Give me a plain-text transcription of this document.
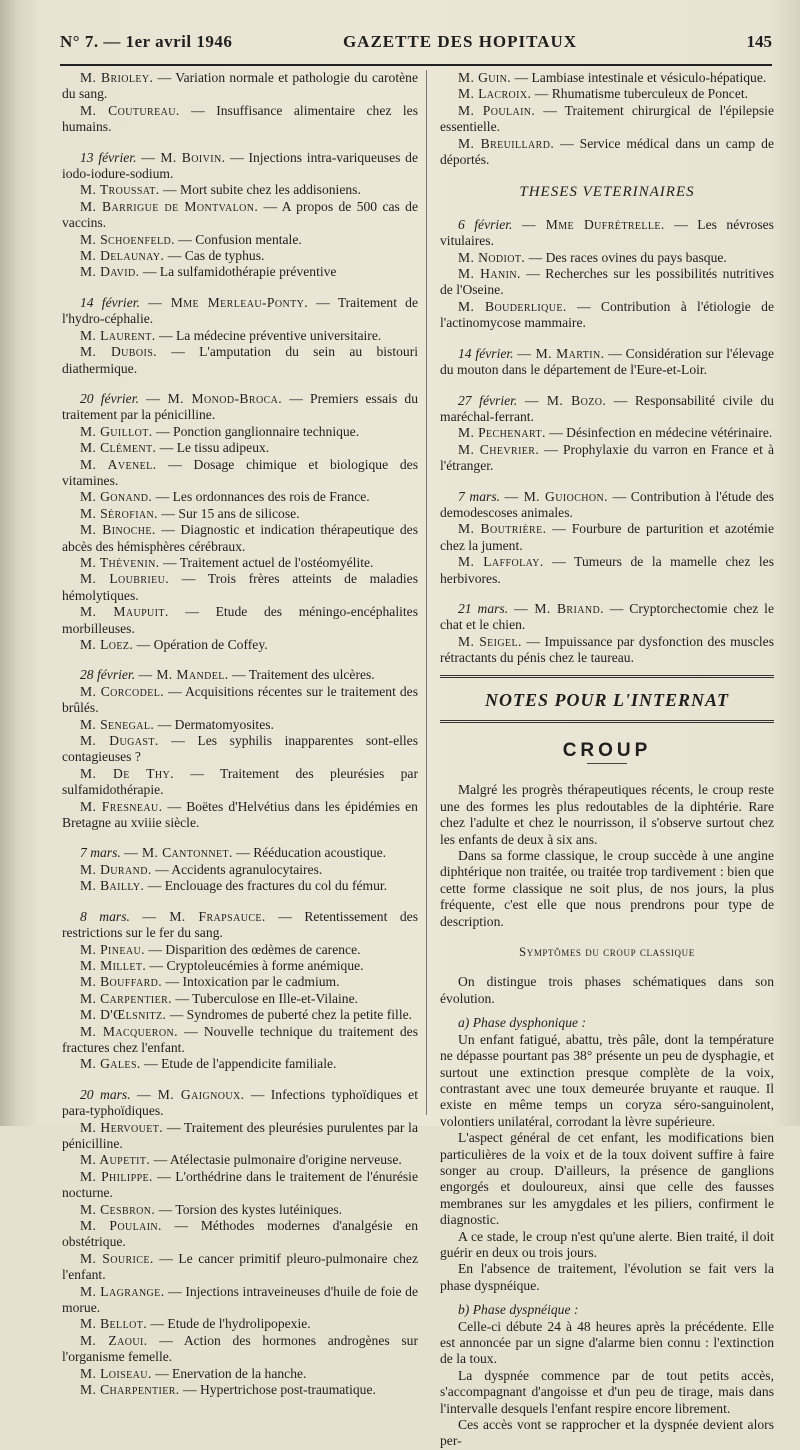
N° 7. — 1er avril 1946	GAZETTE DES HOPITAUX	145

M. Brioley. — Variation normale et pathologie du carotène du sang.

M. Coutureau. — Insuffisance alimentaire chez les humains.

13 février. — M. Boivin. — Injections intra-variqueuses de iodo-iodure-sodium.

M. Troussat. — Mort subite chez les addisoniens.

M. Barrigue de Montvalon. — A propos de 500 cas de vaccins.

M. Schoenfeld. — Confusion mentale.

M. Delaunay. — Cas de typhus.

M. David. — La sulfamidothérapie préventive

14 février. — Mme Merleau-Ponty. — Traitement de l'hydro-céphalie.

M. Laurent. — La médecine préventive universitaire.

M. Dubois. — L'amputation du sein au bistouri diathermique.

20 février. — M. Monod-Broca. — Premiers essais du traitement par la pénicilline.

M. Guillot. — Ponction ganglionnaire technique.

M. Clément. — Le tissu adipeux.

M. Avenel. — Dosage chimique et biologique des vitamines.

M. Gonand. — Les ordonnances des rois de France.

M. Sérofian. — Sur 15 ans de silicose.

M. Binoche. — Diagnostic et indication thérapeutique des abcès des hémisphères cérébraux.

M. Thévenin. — Traitement actuel de l'ostéomyélite.

M. Loubrieu. — Trois frères atteints de maladies hémolytiques.

M. Maupuit. — Etude des méningo-encéphalites morbilleuses.

M. Loez. — Opération de Coffey.

28 février. — M. Mandel. — Traitement des ulcères.

M. Corcodel. — Acquisitions récentes sur le traitement des brûlés.

M. Senegal. — Dermatomyosites.

M. Dugast. — Les syphilis inapparentes sont-elles contagieuses ?

M. De Thy. — Traitement des pleurésies par sulfamidothérapie.

M. Fresneau. — Boëtes d'Helvétius dans les épidémies en Bretagne au xviiie siècle.

7 mars. — M. Cantonnet. — Rééducation acoustique.

M. Durand. — Accidents agranulocytaires.

M. Bailly. — Enclouage des fractures du col du fémur.

8 mars. — M. Frapsauce. — Retentissement des restrictions sur le fer du sang.

M. Pineau. — Disparition des œdèmes de carence.

M. Millet. — Cryptoleucémies à forme anémique.

M. Bouffard. — Intoxication par le cadmium.

M. Carpentier. — Tuberculose en Ille-et-Vilaine.

M. D'Œlsnitz. — Syndromes de puberté chez la petite fille.

M. Macqueron. — Nouvelle technique du traitement des fractures chez l'enfant.

M. Gales. — Etude de l'appendicite familiale.

20 mars. — M. Gaignoux. — Infections typhoïdiques et para-typhoïdiques.

M. Hervouet. — Traitement des pleurésies purulentes par la pénicilline.

M. Aupetit. — Atélectasie pulmonaire d'origine nerveuse.

M. Philippe. — L'orthédrine dans le traitement de l'énurésie nocturne.

M. Cesbron. — Torsion des kystes lutéiniques.

M. Poulain. — Méthodes modernes d'analgésie en obstétrique.

M. Sourice. — Le cancer primitif pleuro-pulmonaire chez l'enfant.

M. Lagrange. — Injections intraveineuses d'huile de foie de morue.

M. Bellot. — Etude de l'hydrolipopexie.

M. Zaoui. — Action des hormones androgènes sur l'organisme femelle.

M. Loiseau. — Enervation de la hanche.

M. Charpentier. — Hypertrichose post-traumatique.

M. Guin. — Lambiase intestinale et vésiculo-hépatique.

M. Lacroix. — Rhumatisme tuberculeux de Poncet.

M. Poulain. — Traitement chirurgical de l'épilepsie essentielle.

M. Breuillard. — Service médical dans un camp de déportés.

THESES VETERINAIRES

6 février. — Mme Dufrétrelle. — Les névroses vitulaires.

M. Nodiot. — Des races ovines du pays basque.

M. Hanin. — Recherches sur les possibilités nutritives de l'Oseine.

M. Bouderlique. — Contribution à l'étiologie de l'actinomycose mammaire.

14 février. — M. Martin. — Considération sur l'élevage du mouton dans le département de l'Eure-et-Loir.

27 février. — M. Bozo. — Responsabilité civile du maréchal-ferrant.

M. Pechenart. — Désinfection en médecine vétérinaire.

M. Chevrier. — Prophylaxie du varron en France et à l'étranger.

7 mars. — M. Guiochon. — Contribution à l'étude des demodescoses animales.

M. Boutrière. — Fourbure de parturition et azotémie chez la jument.

M. Laffolay. — Tumeurs de la mamelle chez les herbivores.

21 mars. — M. Briand. — Cryptorchectomie chez le chat et le chien.

M. Seigel. — Impuissance par dysfonction des muscles rétractants du pénis chez le taureau.

NOTES POUR L'INTERNAT
CROUP

Malgré les progrès thérapeutiques récents, le croup reste une des formes les plus redoutables de la diphtérie. Rare chez l'adulte et chez le nourrisson, il s'observe surtout chez les enfants de deux à six ans.

Dans sa forme classique, le croup succède à une angine diphtérique non traitée, ou traitée trop tardivement : bien que cette forme classique ne soit plus, de nos jours, la plus fréquente, c'est elle que nous prendrons pour type de description.

Symptômes du croup classique

On distingue trois phases schématiques dans son évolution.

a) Phase dysphonique :

Un enfant fatigué, abattu, très pâle, dont la température ne dépasse pourtant pas 38° présente un peu de dysphagie, et surtout une extinction presque complète de la voix, contrastant avec une toux demeurée bruyante et rauque. Il existe en même temps un coryza séro-sanguinolent, volontiers unilatéral, corrodant la lèvre supérieure.

L'aspect général de cet enfant, les modifications bien particulières de la voix et de la toux doivent suffire à faire songer au croup. D'ailleurs, la présence de ganglions engorgés et douloureux, ainsi que celle des fausses membranes sur les amygdales et les piliers, confirment le diagnostic.

A ce stade, le croup n'est qu'une alerte. Bien traité, il doit guérir en deux ou trois jours.

En l'absence de traitement, l'évolution se fait vers la phase dyspnéique.

b) Phase dyspnéique :

Celle-ci débute 24 à 48 heures après la précédente. Elle est annoncée par un signe d'alarme bien connu : l'extinction de la toux.

La dyspnée commence par de tout petits accès, s'accompagnant d'angoisse et d'un peu de tirage, mais dans l'intervalle desquels l'enfant respire encore librement.

Ces accès vont se rapprocher et la dyspnée devient alors per-
